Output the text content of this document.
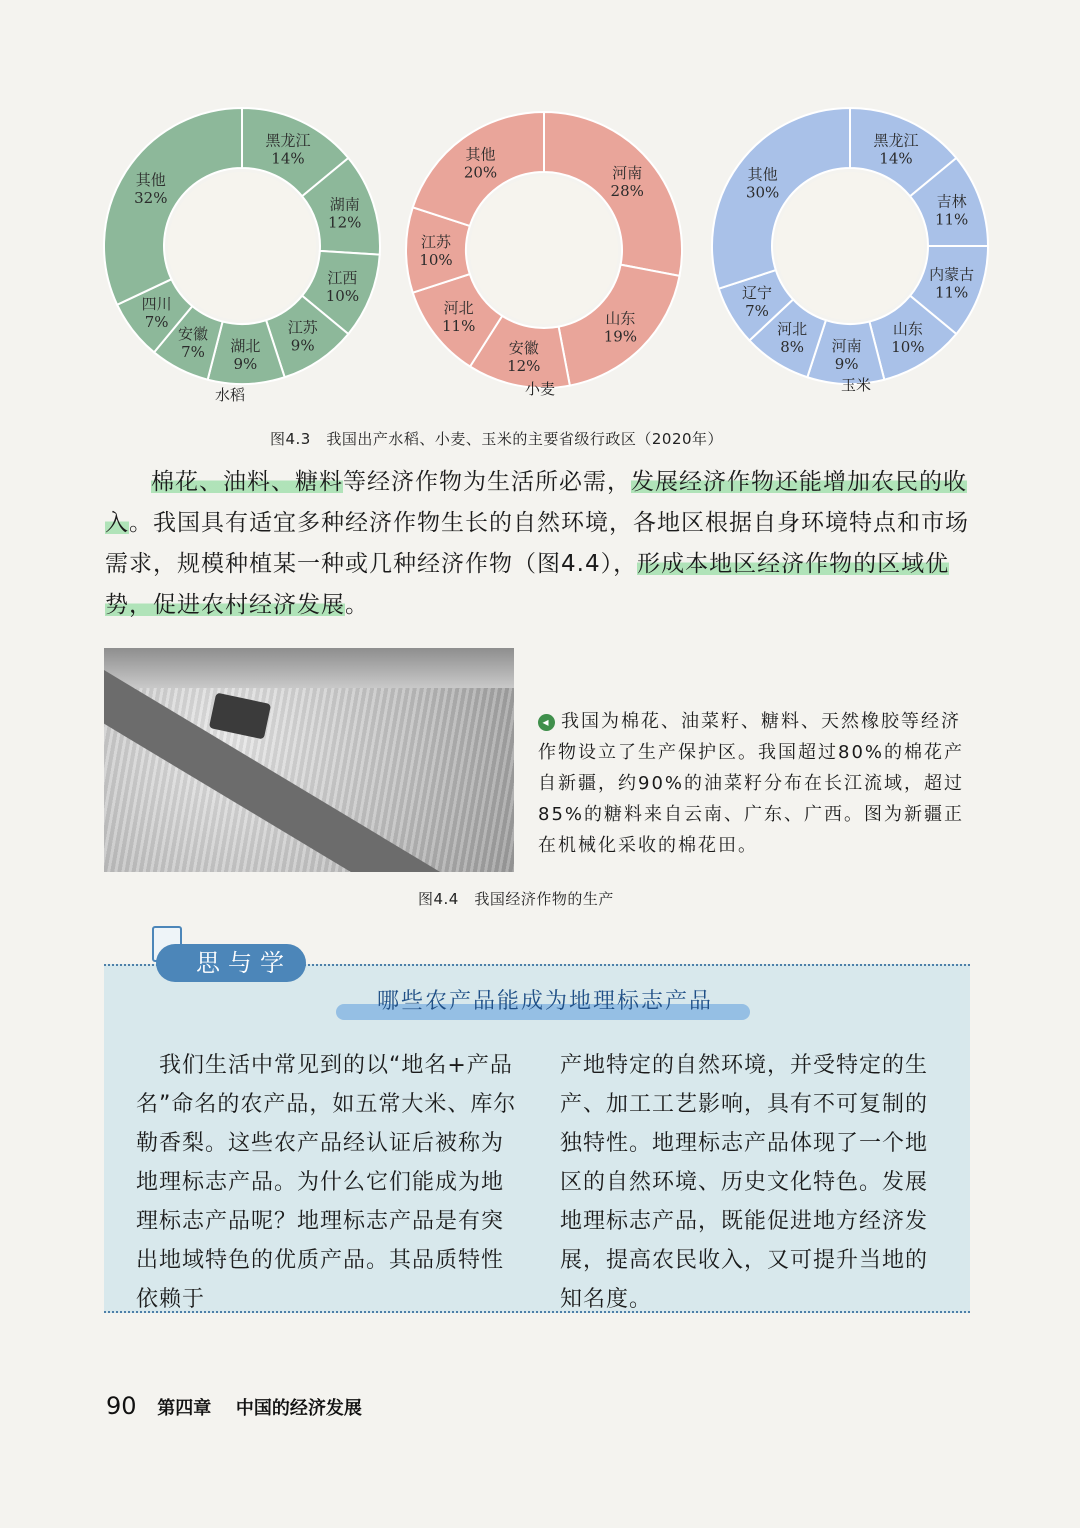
黑龙江
14%
湖南
12%
江西
10%
江苏
9%
湖北
9%
安徽
7%
四川
7%
其他
32%
水稻
河南
28%
山东
19%
安徽
12%
河北
11%
江苏
10%
其他
20%
小麦
黑龙江
14%
吉林
11%
内蒙古
11%
山东
10%
河南
9%
河北
8%
辽宁
7%
其他
30%
玉米
图4.3　我国出产水稻、小麦、玉米的主要省级行政区（2020年）

棉花、油料、糖料等经济作物为生活所必需，发展经济作物还能增加农民的收入。我国具有适宜多种经济作物生长的自然环境，各地区根据自身环境特点和市场需求，规模种植某一种或几种经济作物（图4.4），形成本地区经济作物的区域优势，促进农村经济发展。

◂ 我国为棉花、油菜籽、糖料、天然橡胶等经济作物设立了生产保护区。我国超过80%的棉花产自新疆，约90%的油菜籽分布在长江流域，超过85%的糖料来自云南、广东、广西。图为新疆正在机械化采收的棉花田。
图4.4　我国经济作物的生产
思与学
哪些农产品能成为地理标志产品

　我们生活中常见到的以“地名+产品名”命名的农产品，如五常大米、库尔勒香梨。这些农产品经认证后被称为地理标志产品。为什么它们能成为地理标志产品呢？地理标志产品是有突出地域特色的优质产品。其品质特性依赖于

产地特定的自然环境，并受特定的生产、加工工艺影响，具有不可复制的独特性。地理标志产品体现了一个地区的自然环境、历史文化特色。发展地理标志产品，既能促进地方经济发展，提高农民收入，又可提升当地的知名度。

90 第四章 中国的经济发展
